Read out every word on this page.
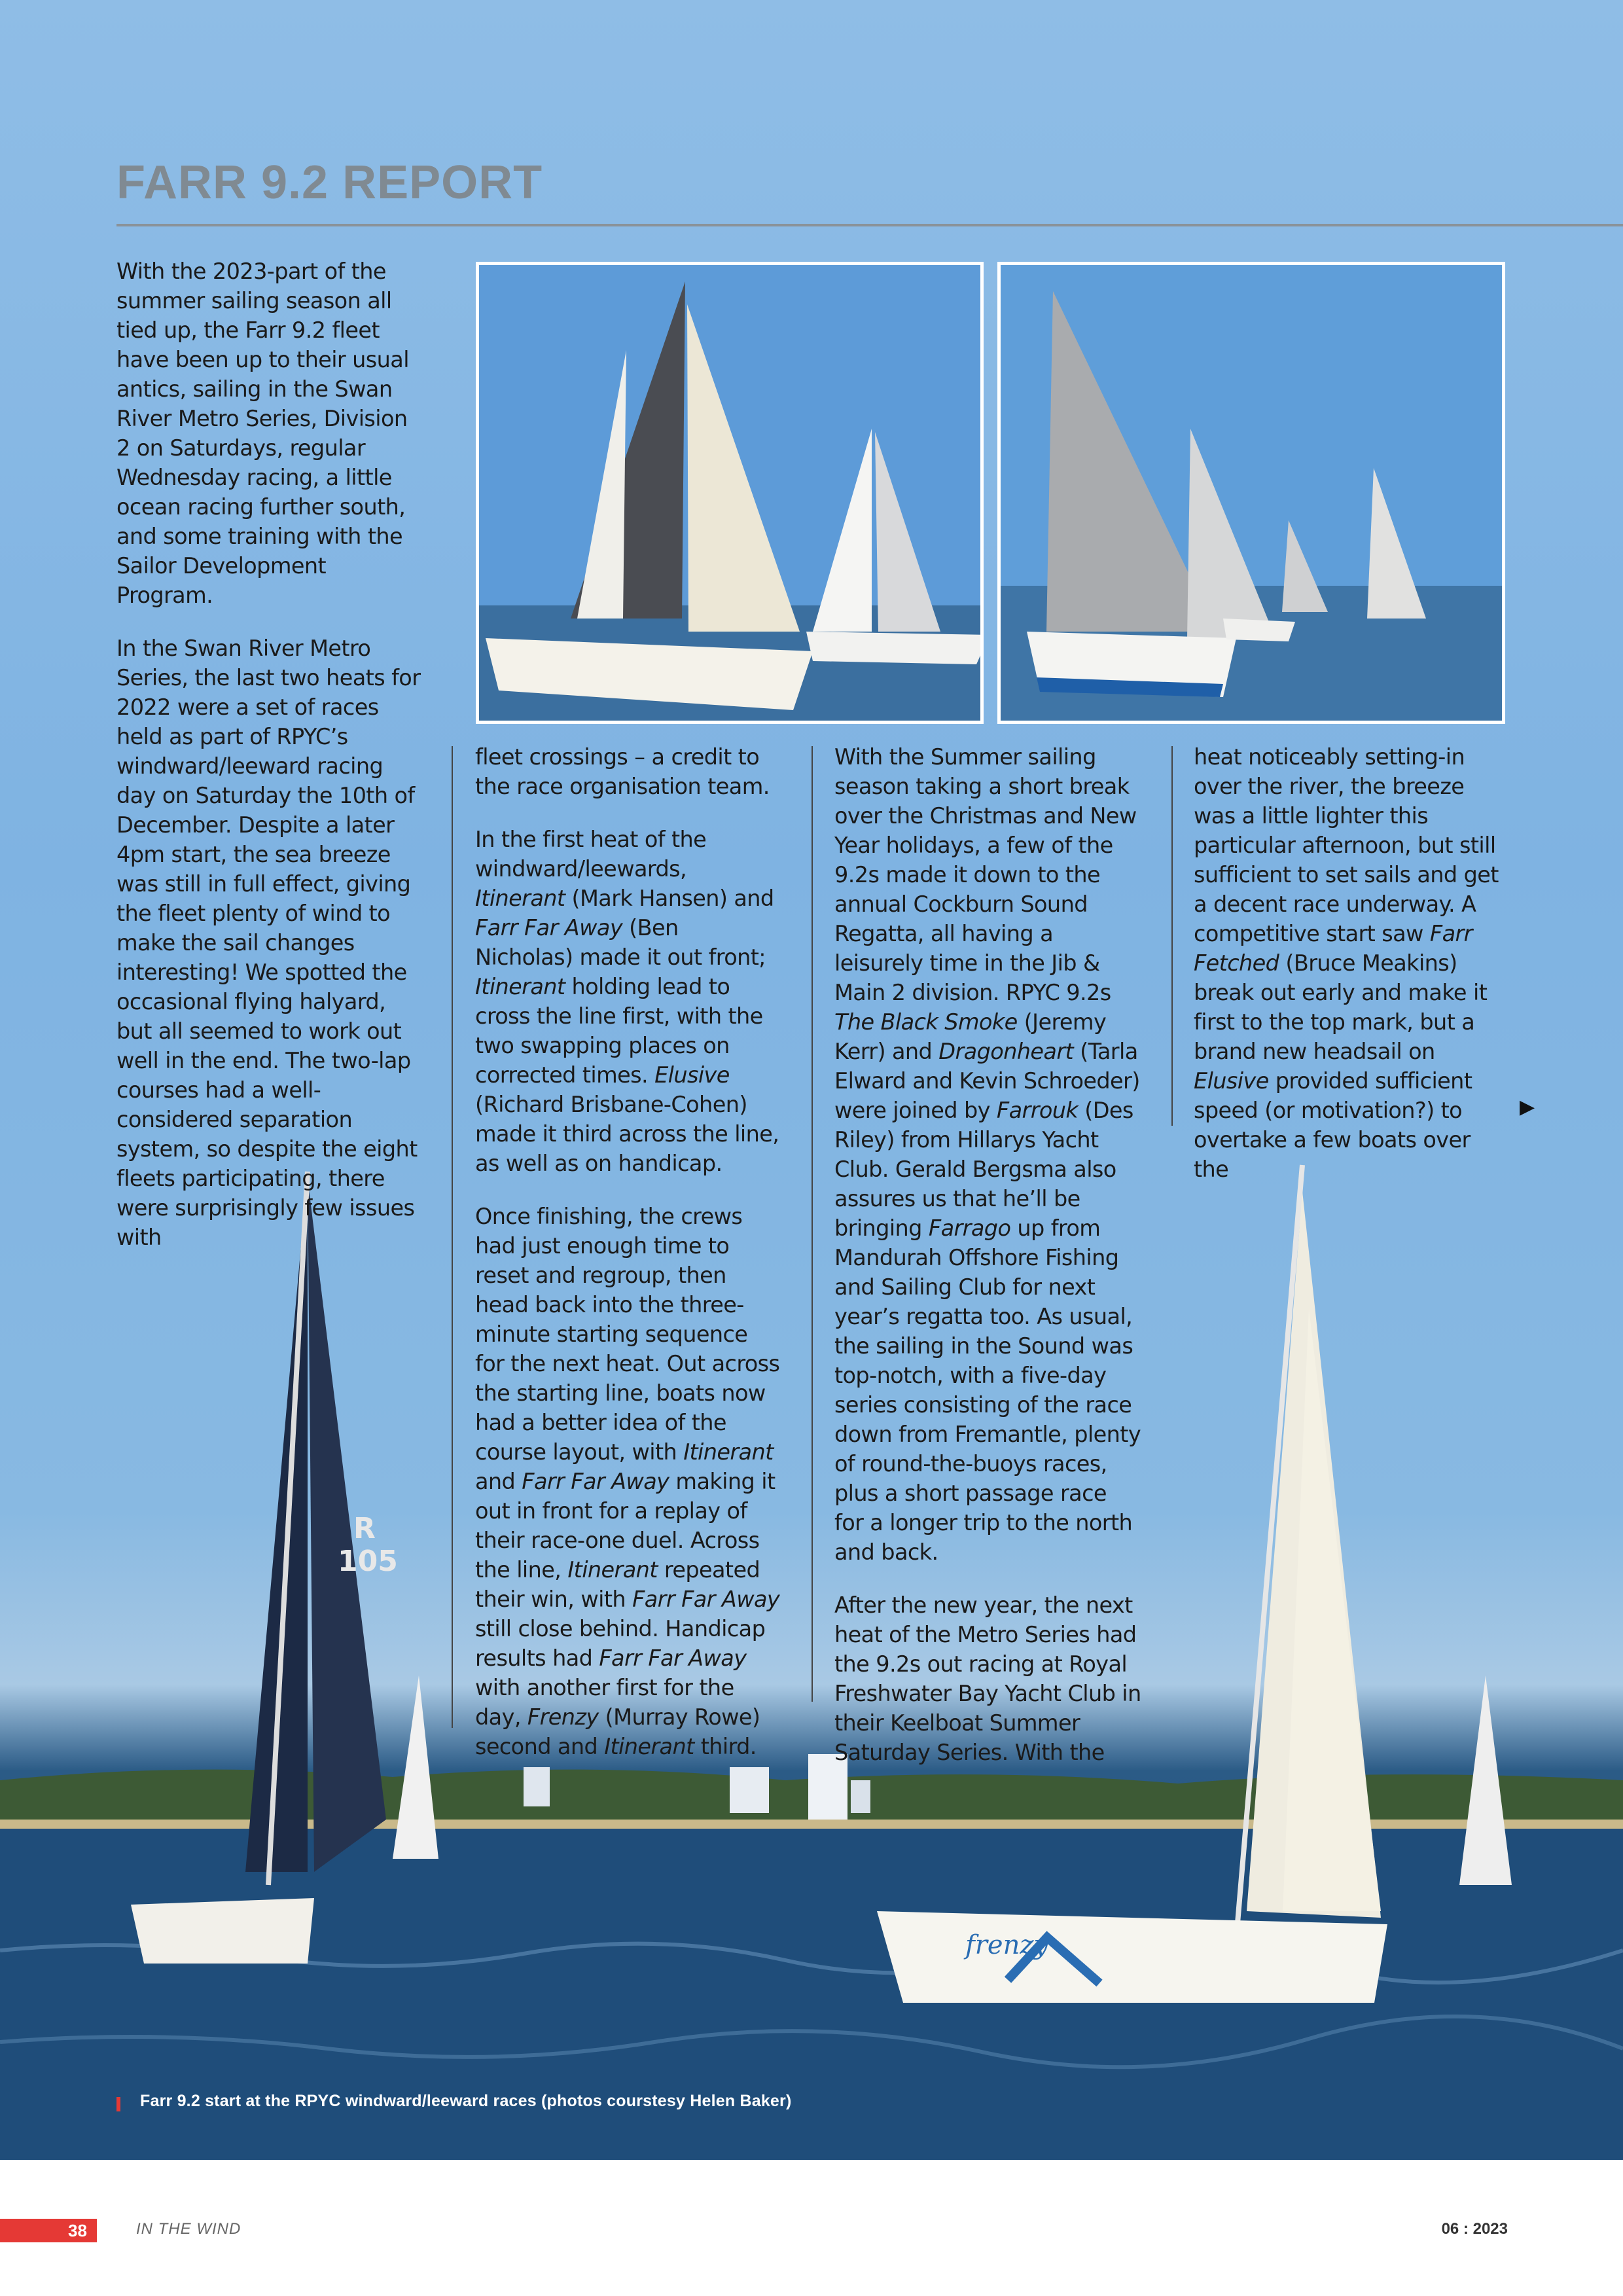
R
105
frenzy
FARR 9.2 REPORT

With the 2023-part of the summer sailing season all tied up, the Farr 9.2 fleet have been up to their usual antics, sailing in the Swan River Metro Series, Division 2 on Saturdays, regular Wednesday racing, a little ocean racing further south, and some training with the Sailor Development Program.

In the Swan River Metro Series, the last two heats for 2022 were a set of races held as part of RPYC’s windward/leeward racing day on Saturday the 10th of December. Despite a later 4pm start, the sea breeze was still in full effect, giving the fleet plenty of wind to make the sail changes interesting! We spotted the occasional flying halyard, but all seemed to work out well in the end. The two-lap courses had a well-considered separation system, so despite the eight fleets participating, there were surprisingly few issues with

fleet crossings – a credit to the race organisation team.

In the first heat of the windward/leewards, Itinerant (Mark Hansen) and Farr Far Away (Ben Nicholas) made it out front; Itinerant holding lead to cross the line first, with the two swapping places on corrected times. Elusive (Richard Brisbane-Cohen) made it third across the line, as well as on handicap.

Once finishing, the crews had just enough time to reset and regroup, then head back into the three-minute starting sequence for the next heat. Out across the starting line, boats now had a better idea of the course layout, with Itinerant and Farr Far Away making it out in front for a replay of their race-one duel. Across the line, Itinerant repeated their win, with Farr Far Away still close behind. Handicap results had Farr Far Away with another first for the day, Frenzy (Murray Rowe) second and Itinerant third.

With the Summer sailing season taking a short break over the Christmas and New Year holidays, a few of the 9.2s made it down to the annual Cockburn Sound Regatta, all having a leisurely time in the Jib & Main 2 division. RPYC 9.2s The Black Smoke (Jeremy Kerr) and Dragonheart (Tarla Elward and Kevin Schroeder) were joined by Farrouk (Des Riley) from Hillarys Yacht Club. Gerald Bergsma also assures us that he’ll be bringing Farrago up from Mandurah Offshore Fishing and Sailing Club for next year’s regatta too. As usual, the sailing in the Sound was top-notch, with a five-day series consisting of the race down from Fremantle, plenty of round-the-buoys races, plus a short passage race for a longer trip to the north and back.

After the new year, the next heat of the Metro Series had the 9.2s out racing at Royal Freshwater Bay Yacht Club in their Keelboat Summer Saturday Series. With the

heat noticeably setting-in over the river, the breeze was a little lighter this particular afternoon, but still sufficient to set sails and get a decent race underway. A competitive start saw Farr Fetched (Bruce Meakins) break out early and make it first to the top mark, but a brand new headsail on Elusive provided sufficient speed (or motivation?) to overtake a few boats over the

▶
Farr 9.2 start at the RPYC windward/leeward races (photos courstesy Helen Baker)
38	IN THE WIND	06 : 2023
